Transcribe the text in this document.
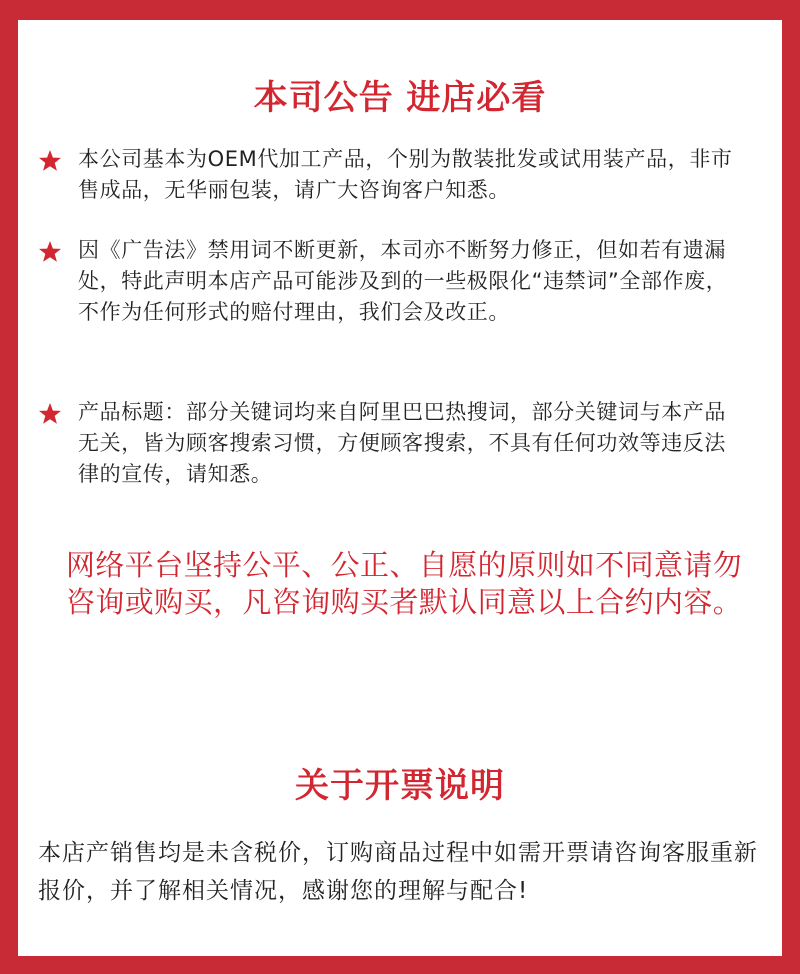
本司公告 进店必看
本公司基本为OEM代加工产品，个别为散装批发或试用装产品，非市售成品，无华丽包装，请广大咨询客户知悉。
因《广告法》禁用词不断更新，本司亦不断努力修正，但如若有遗漏处，特此声明本店产品可能涉及到的一些极限化“违禁词”全部作废，不作为任何形式的赔付理由，我们会及改正。
产品标题：部分关键词均来自阿里巴巴热搜词，部分关键词与本产品无关，皆为顾客搜索习惯，方便顾客搜索，不具有任何功效等违反法律的宣传，请知悉。
网络平台坚持公平、公正、自愿的原则如不同意请勿咨询或购买，凡咨询购买者默认同意以上合约内容。
关于开票说明
本店产销售均是未含税价，订购商品过程中如需开票请咨询客服重新报价，并了解相关情况，感谢您的理解与配合!
